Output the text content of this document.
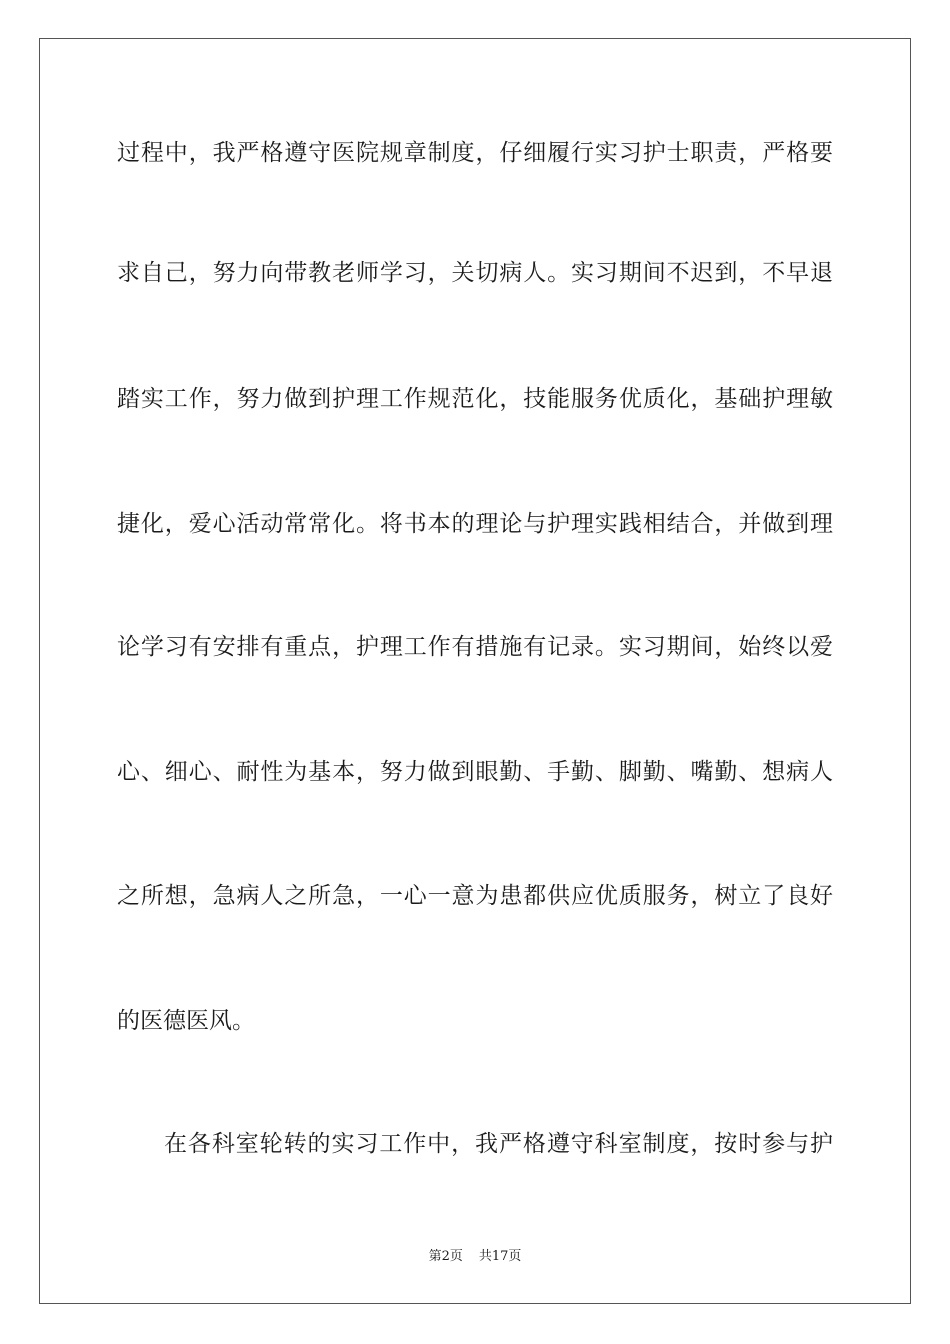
过程中，我严格遵守医院规章制度，仔细履行实习护士职责，严格要
求自己，努力向带教老师学习，关切病人。实习期间不迟到，不早退
踏实工作，努力做到护理工作规范化，技能服务优质化，基础护理敏
捷化，爱心活动常常化。将书本的理论与护理实践相结合，并做到理
论学习有安排有重点，护理工作有措施有记录。实习期间，始终以爱
心、细心、耐性为基本，努力做到眼勤、手勤、脚勤、嘴勤、想病人
之所想，急病人之所急，一心一意为患都供应优质服务，树立了良好
的医德医风。
在各科室轮转的实习工作中，我严格遵守科室制度，按时参与护
第2页 共17页
